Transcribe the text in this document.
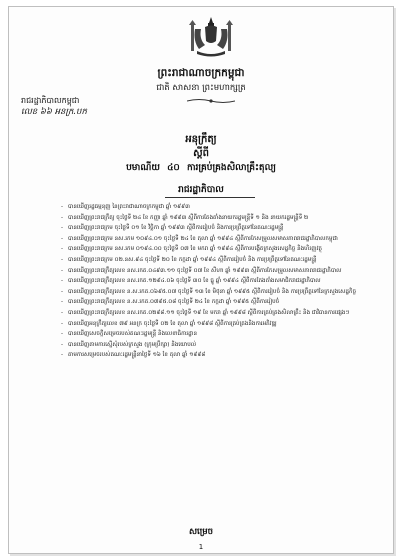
ព្រះរាជាណាចក្រកម្ពុជា
ជាតិ សាសនា ព្រះមហាក្សត្រ
រាជរដ្ឋាភិបាលកម្ពុជា
លេខ ៦៦ អនក្រ.បក
អនុក្រឹត្យ
ស្តីពី
បមាណីយ ៤០ ការគ្រប់គ្រងសិលាគ្រឹះតុល្យ
រាជរដ្ឋាភិបាល
- បានឃើញរដ្ឋធម្មនុញ្ញ នៃព្រះរាជាណាចក្រកម្ពុជា ឆ្នាំ ១៩៩៣
- បានឃើញព្រះរាជក្រឹត្យ ចុះថ្ងៃទី ២៤ ខែ កញ្ញា ឆ្នាំ ១៩៩៣ ស្តីពីការតែងតាំងនាយករដ្ឋមន្ត្រីទី ១ និង នាយករដ្ឋមន្ត្រីទី ២
- បានឃើញព្រះរាជក្រម ចុះថ្ងៃទី ០១ ខែ វិច្ឆិកា ឆ្នាំ ១៩៩៣ ស្តីពីការរៀបចំ និងការប្រព្រឹត្តទៅនៃគណៈរដ្ឋមន្ត្រី
- បានឃើញព្រះរាជក្រម នស.រកម ១០៩៤.០១ ចុះថ្ងៃទី ២៤ ខែ តុលា ឆ្នាំ ១៩៩៤ ស្តីពីការកែសម្រួលសមាសភាពរាជរដ្ឋាភិបាលកម្ពុជា
- បានឃើញព្រះរាជក្រម នស.រកម ០១៩៤.០០ ចុះថ្ងៃទី ០៧ ខែ មករា ឆ្នាំ ១៩៩៤ ស្តីពីការបង្កើតក្រសួងសេដ្ឋកិច្ច និងហិរញ្ញវត្ថុ
- បានឃើញព្រះរាជក្រម ០២.នស.៩៤ ចុះថ្ងៃទី ២០ ខែ កក្កដា ឆ្នាំ ១៩៩៤ ស្តីពីការរៀបចំ និង ការប្រព្រឹត្តទៅនៃគណៈរដ្ឋមន្ត្រី
- បានឃើញព្រះរាជក្រឹត្យលេខ នស.រកត.០៤៩៣.១១ ចុះថ្ងៃទី ០៧ ខែ សីហា ឆ្នាំ ១៩៩៣ ស្តីពីការកែសម្រួលសមាសភាពរាជរដ្ឋាភិបាល
- បានឃើញព្រះរាជក្រឹត្យលេខ នស.រកត.១២៩៤.០៦ ចុះថ្ងៃទី ៣០ ខែ ធ្នូ ឆ្នាំ ១៩៩៤ ស្តីពីការតែងតាំងសមាជិករាជរដ្ឋាភិបាល
- បានឃើញព្រះរាជក្រឹត្យលេខ ន.ស.រកត.០៦៩៥.០៧ ចុះថ្ងៃទី ១៣ ខែ មិថុនា ឆ្នាំ ១៩៩៥ ស្តីពីការរៀបចំ និង ការប្រព្រឹត្តទៅនៃក្រសួងសេដ្ឋកិច្ច
- បានឃើញព្រះរាជក្រឹត្យលេខ ន.ស.រកត.០៧៩៥.០៨ ចុះថ្ងៃទី ២៤ ខែ កក្កដា ឆ្នាំ ១៩៩៥ ស្តីពីការរៀបចំ
- បានឃើញព្រះរាជក្រឹត្យលេខ នស.រកត.០២៩៨.១១ ចុះថ្ងៃទី ១៩ ខែ មករា ឆ្នាំ ១៩៩៨ ស្តីពីការគ្រប់គ្រងសិលាគ្រឹះ និង ជាវិធានការផ្សេងៗ
- បានឃើញអនុក្រឹត្យលេខ ៧៩ អនក្រ ចុះថ្ងៃទី ០២ ខែ តុលា ឆ្នាំ ១៩៩៨ ស្តីពីការគ្រប់គ្រងនិងការអភិវឌ្ឍ
- បានឃើញសេចក្តីសម្រេចរបស់គណៈរដ្ឋមន្ត្រី និងលេខាធិការដ្ឋាន
- បានឃើញតាមការស្នើសុំរបស់ក្រសួង (ក្រុមប្រឹក្សា) និងយោបល់
- តាមការសម្រេចរបស់គណៈរដ្ឋមន្ត្រីនាថ្ងៃទី ១៦ ខែ តុលា ឆ្នាំ ១៩៩៨
សម្រេច
1
